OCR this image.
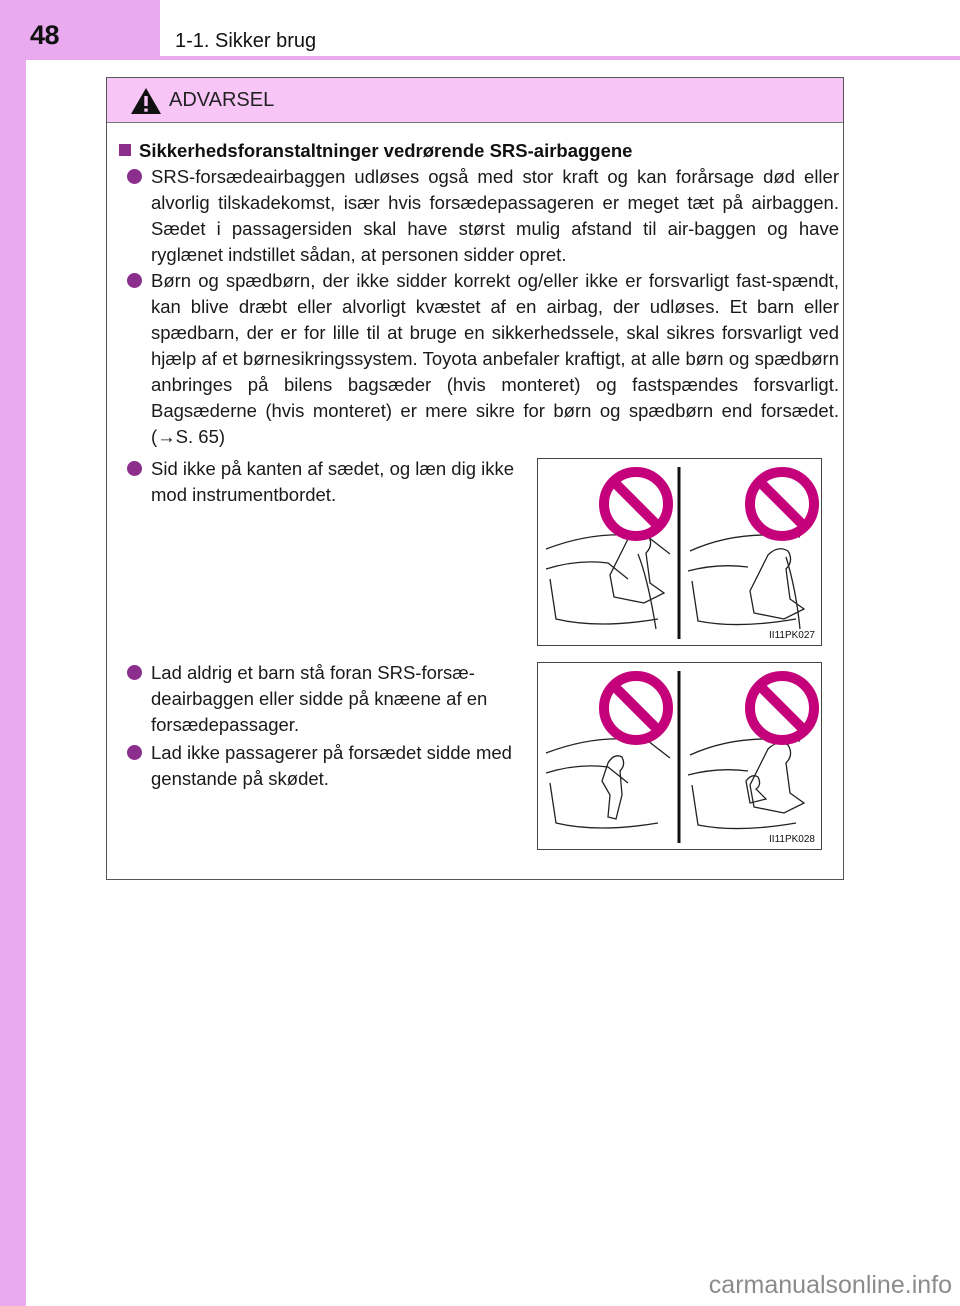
48	1-1. Sikker brug
ADVARSEL
Sikkerhedsforanstaltninger vedrørende SRS-airbaggene
SRS-forsædeairbaggen udløses også med stor kraft og kan forårsage død eller alvorlig tilskadekomst, især hvis forsædepassageren er meget tæt på airbaggen. Sædet i passagersiden skal have størst mulig afstand til air-baggen og have ryglænet indstillet sådan, at personen sidder opret.
Børn og spædbørn, der ikke sidder korrekt og/eller ikke er forsvarligt fast-spændt, kan blive dræbt eller alvorligt kvæstet af en airbag, der udløses. Et barn eller spædbarn, der er for lille til at bruge en sikkerhedssele, skal sikres forsvarligt ved hjælp af et børnesikringssystem. Toyota anbefaler kraftigt, at alle børn og spædbørn anbringes på bilens bagsæder (hvis monteret) og fastspændes forsvarligt. Bagsæderne (hvis monteret) er mere sikre for børn og spædbørn end forsædet. (→S. 65)
Sid ikke på kanten af sædet, og læn dig ikke mod instrumentbordet.
II11PK027
Lad aldrig et barn stå foran SRS-forsæ-deairbaggen eller sidde på knæene af en forsædepassager.
Lad ikke passagerer på forsædet sidde med genstande på skødet.
II11PK028
carmanualsonline.info
